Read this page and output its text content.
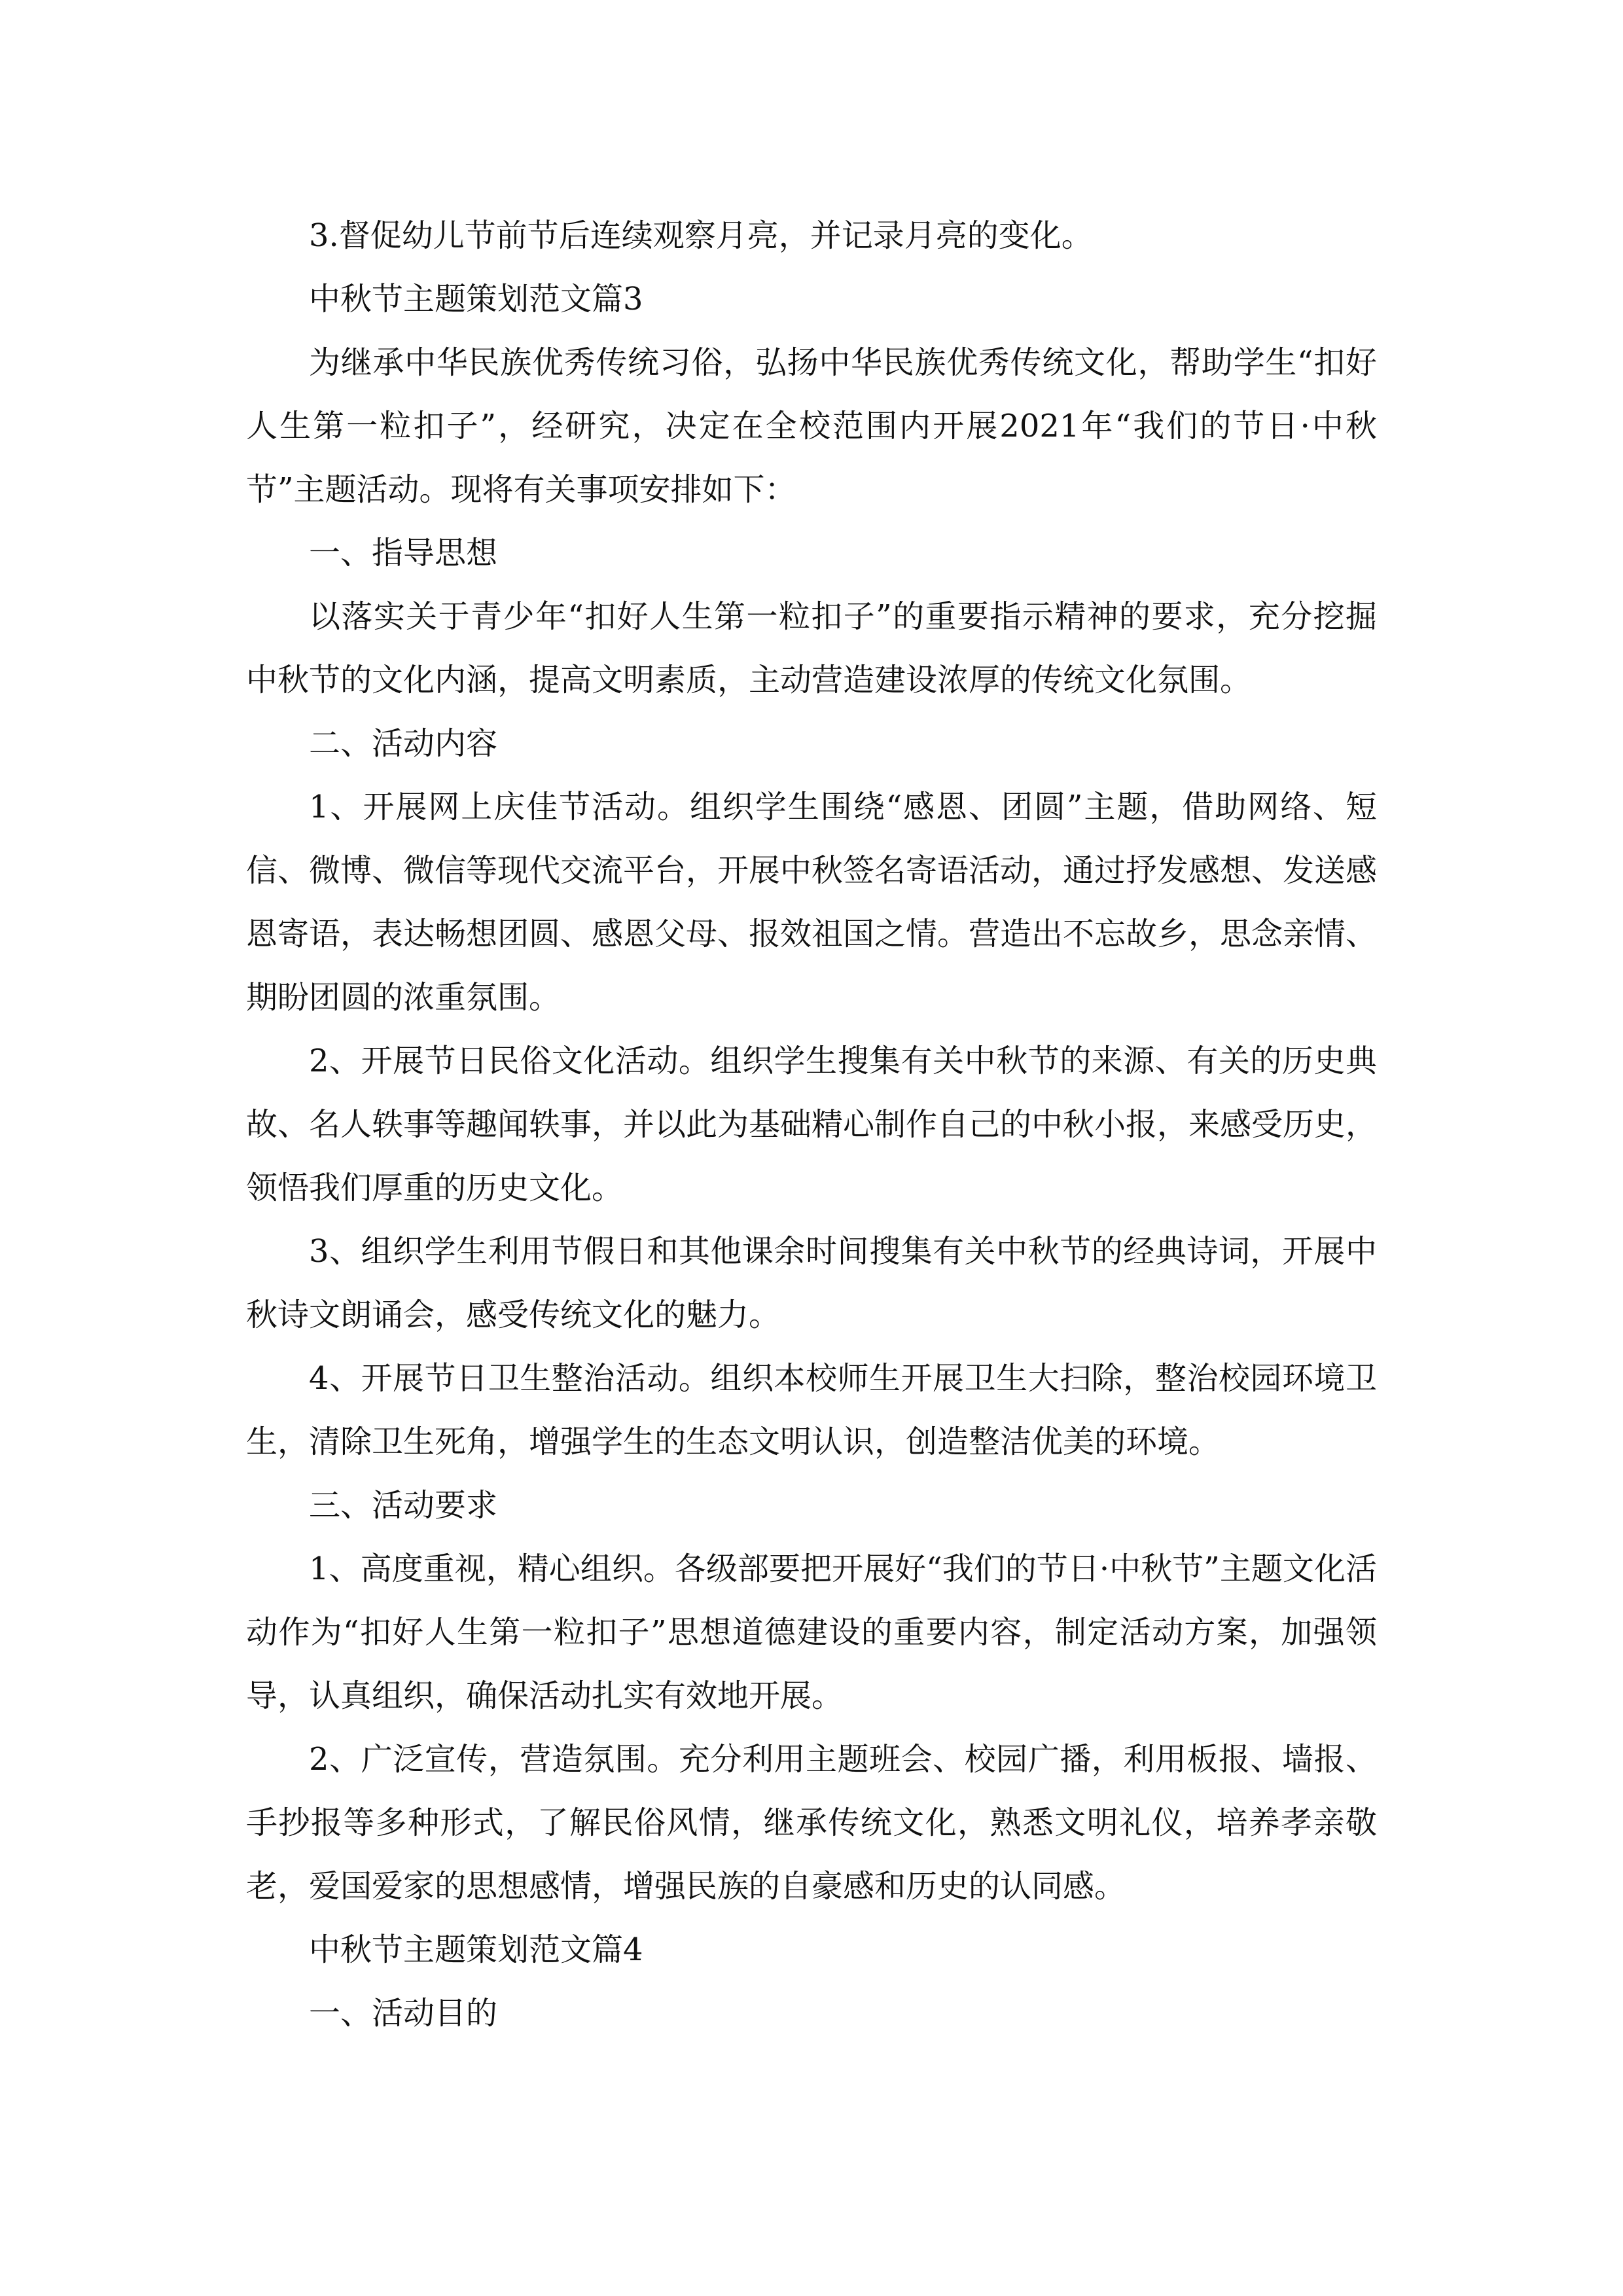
3.督促幼儿节前节后连续观察月亮，并记录月亮的变化。

中秋节主题策划范文篇3

为继承中华民族优秀传统习俗，弘扬中华民族优秀传统文化，帮助学生“扣好人生第一粒扣子”，经研究，决定在全校范围内开展2021年“我们的节日·中秋节”主题活动。现将有关事项安排如下：

一、指导思想

以落实关于青少年“扣好人生第一粒扣子”的重要指示精神的要求，充分挖掘中秋节的文化内涵，提高文明素质，主动营造建设浓厚的传统文化氛围。

二、活动内容

1、开展网上庆佳节活动。组织学生围绕“感恩、团圆”主题，借助网络、短信、微博、微信等现代交流平台，开展中秋签名寄语活动，通过抒发感想、发送感恩寄语，表达畅想团圆、感恩父母、报效祖国之情。营造出不忘故乡，思念亲情、期盼团圆的浓重氛围。

2、开展节日民俗文化活动。组织学生搜集有关中秋节的来源、有关的历史典故、名人轶事等趣闻轶事，并以此为基础精心制作自己的中秋小报，来感受历史，领悟我们厚重的历史文化。

3、组织学生利用节假日和其他课余时间搜集有关中秋节的经典诗词，开展中秋诗文朗诵会，感受传统文化的魅力。

4、开展节日卫生整治活动。组织本校师生开展卫生大扫除，整治校园环境卫生，清除卫生死角，增强学生的生态文明认识，创造整洁优美的环境。

三、活动要求

1、高度重视，精心组织。各级部要把开展好“我们的节日·中秋节”主题文化活动作为“扣好人生第一粒扣子”思想道德建设的重要内容，制定活动方案，加强领导，认真组织，确保活动扎实有效地开展。

2、广泛宣传，营造氛围。充分利用主题班会、校园广播，利用板报、墙报、手抄报等多种形式，了解民俗风情，继承传统文化，熟悉文明礼仪，培养孝亲敬老，爱国爱家的思想感情，增强民族的自豪感和历史的认同感。

中秋节主题策划范文篇4

一、活动目的
